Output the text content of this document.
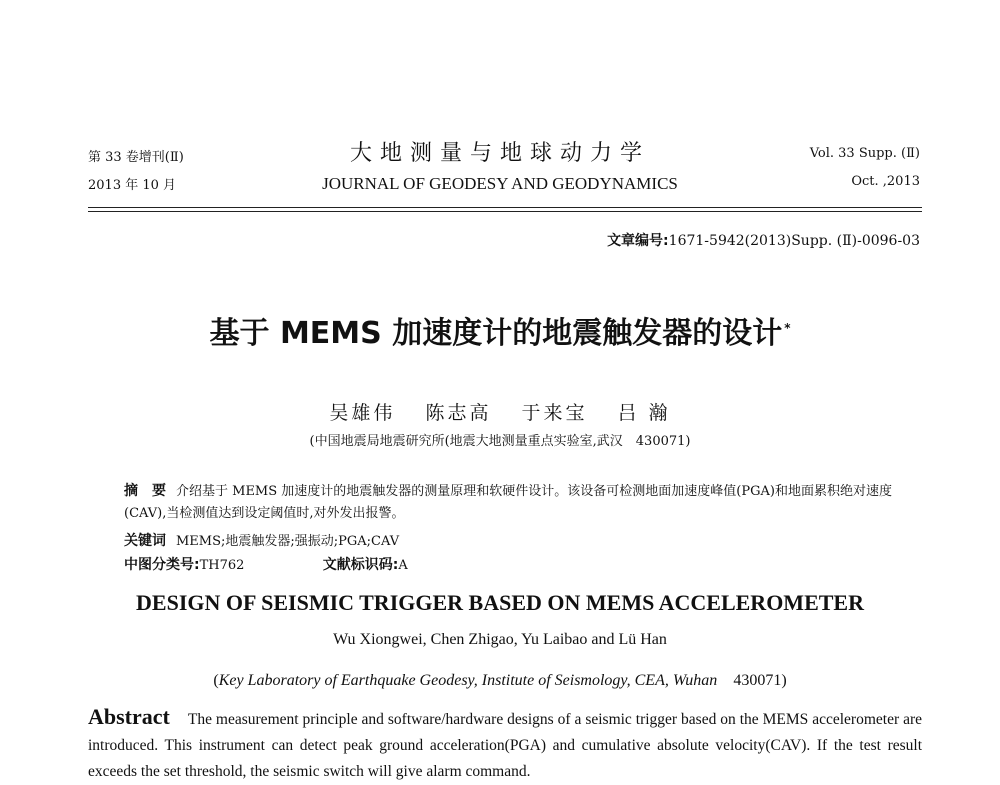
第 33 卷增刊(Ⅱ)
2013 年 10 月
大地测量与地球动力学
JOURNAL OF GEODESY AND GEODYNAMICS
Vol. 33 Supp. (Ⅱ)
Oct. ,2013
文章编号:1671-5942(2013)Supp. (Ⅱ)-0096-03
基于 MEMS 加速度计的地震触发器的设计 *
吴雄伟 陈志高 于来宝 吕 瀚
(中国地震局地震研究所(地震大地测量重点实验室,武汉　430071)
摘　要 介绍基于 MEMS 加速度计的地震触发器的测量原理和软硬件设计。该设备可检测地面加速度峰值(PGA)和地面累积绝对速度(CAV),当检测值达到设定阈值时,对外发出报警。
关键词 MEMS;地震触发器;强振动;PGA;CAV
中图分类号:TH762	文献标识码:A
DESIGN OF SEISMIC TRIGGER BASED ON MEMS ACCELEROMETER
Wu Xiongwei, Chen Zhigao, Yu Laibao and Lü Han
(Key Laboratory of Earthquake Geodesy, Institute of Seismology, CEA, Wuhan　 430071)
Abstract The measurement principle and software/hardware designs of a seismic trigger based on the MEMS accelerometer are introduced. This instrument can detect peak ground acceleration(PGA) and cumulative absolute velocity(CAV). If the test result exceeds the set threshold, the seismic switch will give alarm command.
